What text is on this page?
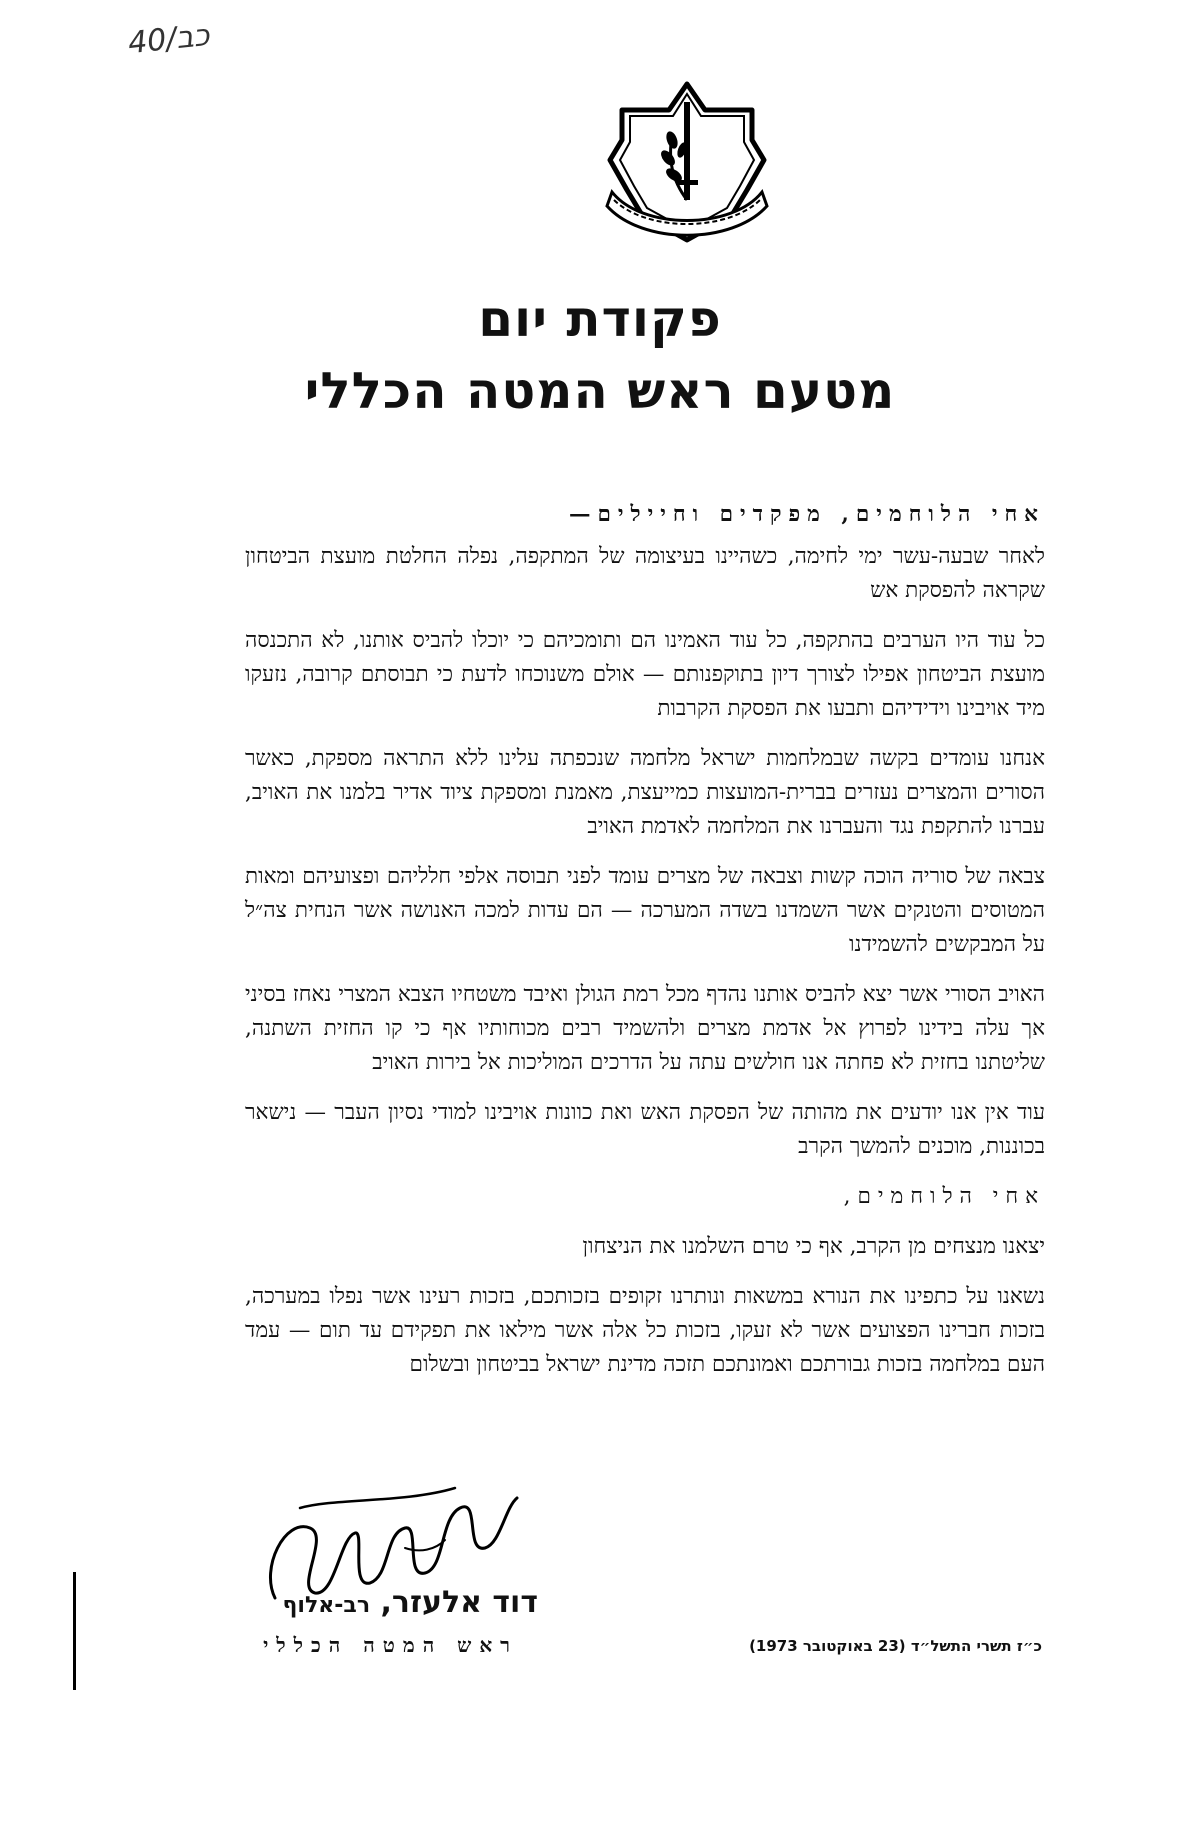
40/כב
פקודת יום
מטעם ראש המטה הכללי
אחי הלוחמים, מפקדים וחיילים—

לאחר שבעה-עשר ימי לחימה, כשהיינו בעיצומה של המתקפה, נפלה החלטת מועצת הביטחון שקראה להפסקת אש

כל עוד היו הערבים בהתקפה, כל עוד האמינו הם ותומכיהם כי יוכלו להביס אותנו, לא התכנסה מועצת הביטחון אפילו לצורך דיון בתוקפנותם — אולם משנוכחו לדעת כי תבוסתם קרובה, נזעקו מיד אויבינו וידידיהם ותבעו את הפסקת הקרבות

אנחנו עומדים בקשה שבמלחמות ישראל מלחמה שנכפתה עלינו ללא התראה מספקת, כאשר הסורים והמצרים נעזרים בברית-המועצות כמייעצת, מאמנת ומספקת ציוד אדיר בלמנו את האויב, עברנו להתקפת נגד והעברנו את המלחמה לאדמת האויב

צבאה של סוריה הוכה קשות וצבאה של מצרים עומד לפני תבוסה אלפי חלליהם ופצועיהם ומאות המטוסים והטנקים אשר השמדנו בשדה המערכה — הם עדות למכה האנושה אשר הנחית צה״ל על המבקשים להשמידנו

האויב הסורי אשר יצא להביס אותנו נהדף מכל רמת הגולן ואיבד משטחיו הצבא המצרי נאחז בסיני אך עלה בידינו לפרוץ אל אדמת מצרים ולהשמיד רבים מכוחותיו אף כי קו החזית השתנה, שליטתנו בחזית לא פחתה אנו חולשים עתה על הדרכים המוליכות אל בירות האויב

עוד אין אנו יודעים את מהותה של הפסקת האש ואת כוונות אויבינו למודי נסיון העבר — נישאר בכוננות, מוכנים להמשך הקרב

אחי הלוחמים,

יצאנו מנצחים מן הקרב, אף כי טרם השלמנו את הניצחון

נשאנו על כתפינו את הנורא במשאות ונותרנו זקופים בזכותכם, בזכות רעינו אשר נפלו במערכה, בזכות חברינו הפצועים אשר לא זעקו, בזכות כל אלה אשר מילאו את תפקידם עד תום — עמד העם במלחמה בזכות גבורתכם ואמונתכם תזכה מדינת ישראל בביטחון ובשלום

דוד אלעזר, רב-אלוף
ראש המטה הכללי	כ״ז תשרי התשל״ד (23 באוקטובר 1973)
